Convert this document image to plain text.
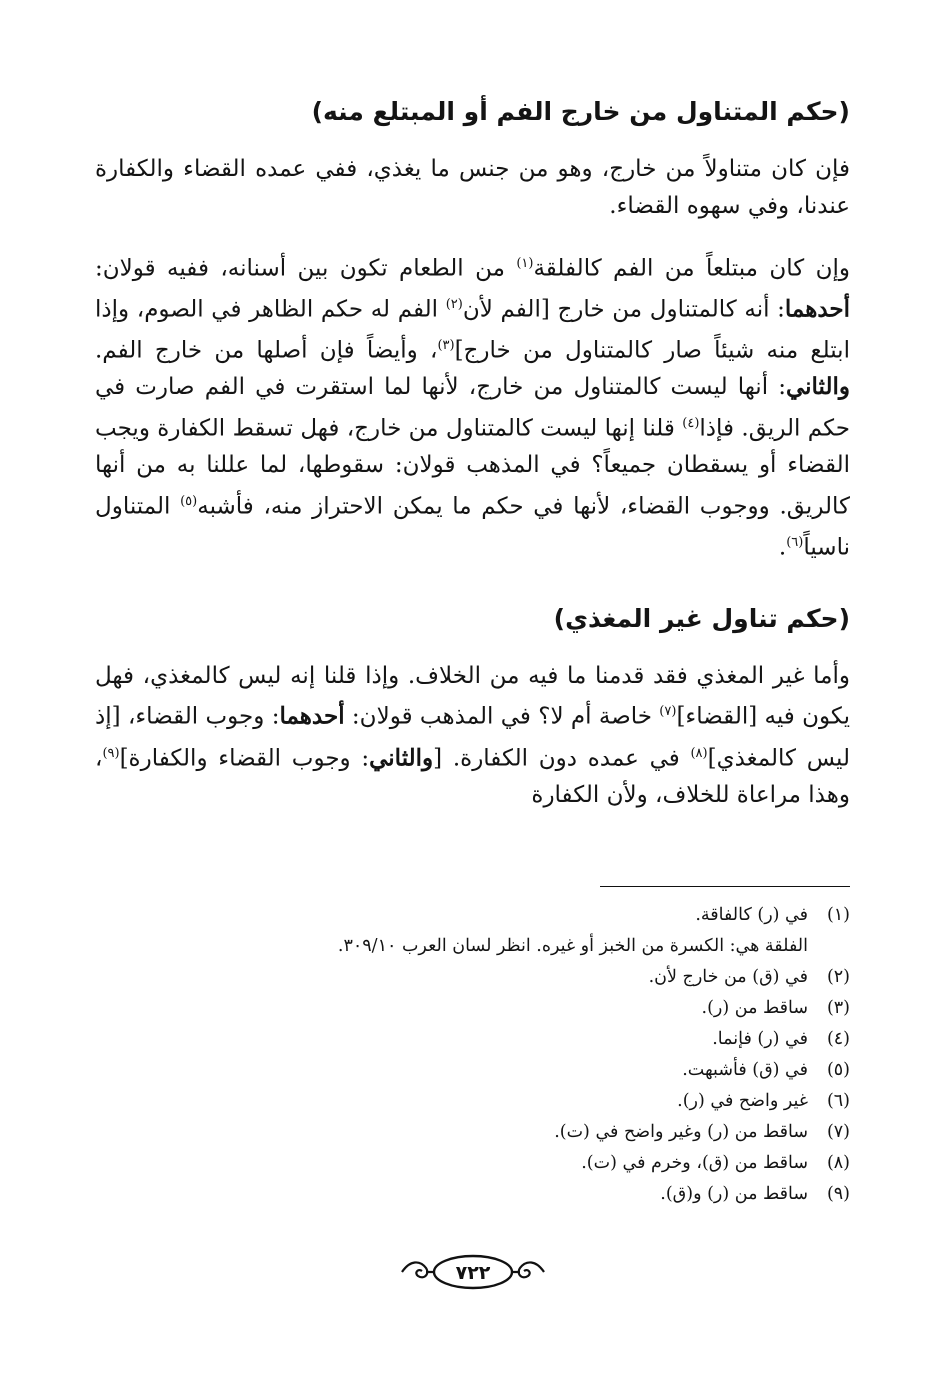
(حكم المتناول من خارج الفم أو المبتلع منه)

فإن كان متناولاً من خارج، وهو من جنس ما يغذي، ففي عمده القضاء والكفارة عندنا، وفي سهوه القضاء.

وإن كان مبتلعاً من الفم كالفلقة$^{(١)}$ من الطعام تكون بين أسنانه، ففيه قولان: أحدهما: أنه كالمتناول من خارج [الفم لأن$^{(٢)}$ الفم له حكم الظاهر في الصوم، وإذا ابتلع منه شيئاً صار كالمتناول من خارج]$^{(٣)}$، وأيضاً فإن أصلها من خارج الفم. والثاني: أنها ليست كالمتناول من خارج، لأنها لما استقرت في الفم صارت في حكم الريق. فإذا$^{(٤)}$ قلنا إنها ليست كالمتناول من خارج، فهل تسقط الكفارة ويجب القضاء أو يسقطان جميعاً؟ في المذهب قولان: سقوطها، لما عللنا به من أنها كالريق. ووجوب القضاء، لأنها في حكم ما يمكن الاحتراز منه، فأشبه$^{(٥)}$ المتناول ناسياً$^{(٦)}$.

(حكم تناول غير المغذي)

وأما غير المغذي فقد قدمنا ما فيه من الخلاف. وإذا قلنا إنه ليس كالمغذي، فهل يكون فيه [القضاء]$^{(٧)}$ خاصة أم لا؟ في المذهب قولان: أحدهما: وجوب القضاء، [إذ ليس كالمغذي]$^{(٨)}$ في عمده دون الكفارة. [والثاني: وجوب القضاء والكفارة]$^{(٩)}$، وهذا مراعاة للخلاف، ولأن الكفارة

(١)
في (ر) كالفاقة.
الفلقة هي: الكسرة من الخبز أو غيره. انظر لسان العرب ٣٠٩/١٠.
(٢)
في (ق) من خارج لأن.
(٣)
ساقط من (ر).
(٤)
في (ر) فإنما.
(٥)
في (ق) فأشبهت.
(٦)
غير واضح في (ر).
(٧)
ساقط من (ر) وغير واضح في (ت).
(٨)
ساقط من (ق)، وخرم في (ت).
(٩)
ساقط من (ر) و(ق).
٧٢٢
